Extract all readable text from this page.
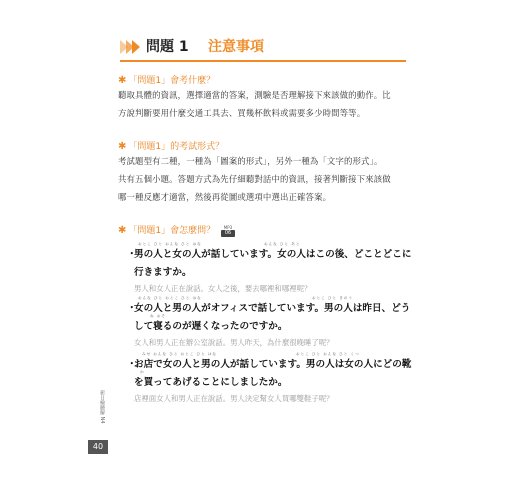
問題 1 注意事項
✱ 「問題1」會考什麼？
聽取具體的資訊，選擇適當的答案，測驗是否理解接下來該做的動作。比
方說判斷要用什麼交通工具去、買幾杯飲料或需要多少時間等等。
✱ 「問題1」的考試形式？
考試題型有二種，一種為「圖案的形式」，另外一種為「文字的形式」。
共有五個小題。答題方式為先仔細聽對話中的資訊，接著判斷接下來該做
哪一種反應才適當，然後再從圖或選項中選出正確答案。
✱ 「問題1」會怎麼問？	MP3
06
おとこ ひと おんな ひと はな	おんな ひと あと
・
男の人と女の人が話しています。女の人はこの後、どことどこに
行きますか。
男人和女人正在說話。女人之後，要去哪裡和哪裡呢？
おんな ひと おとこ ひと はな	おとこ ひと きのう
ね おそ
・
女の人と男の人がオフィスで話しています。男の人は昨日、どう
して寝るのが遅くなったのですか。
女人和男人正在辦公室說話。男人昨天，為什麼很晚睡了呢？
みせ おんな ひと おとこ ひと はな	おとこ ひと おんな ひと くつ
か
・
お店で女の人と男の人が話しています。男の人は女の人にどの靴
を買ってあげることにしましたか。
店裡面女人和男人正在說話。男人決定幫女人買哪雙鞋子呢？
新日檢聽解 N4
40
